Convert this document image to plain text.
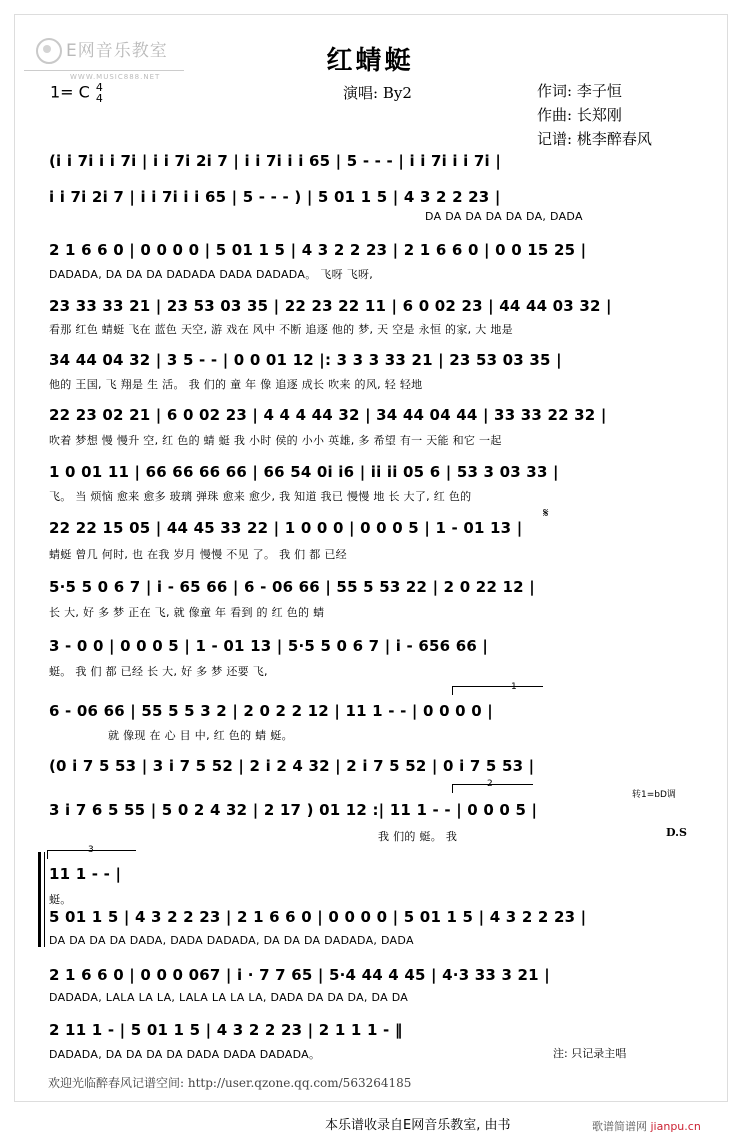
E网音乐教室
WWW.MUSIC888.NET
红蜻蜓
1= C 4
4	演唱: By2	作词: 李子恒
作曲: 长郑刚
记谱: 桃李醉春风
(i i 7i i i 7i | i i 7i 2i 7 | i i 7i i i 65 | 5 - - - | i i 7i i i 7i |
i i 7i 2i 7 | i i 7i i i 65 | 5 - - - ) | 5 01 1 5 | 4 3 2 2 23 |
DA DA DA DA DA DA, DADA
2 1 6 6 0 | 0 0 0 0 | 5 01 1 5 | 4 3 2 2 23 | 2 1 6 6 0 | 0 0 15 25 |
DADADA, DA DA DA DADADA DADA DADADA。 飞呀 飞呀,
23 33 33 21 | 23 53 03 35 | 22 23 22 11 | 6 0 02 23 | 44 44 03 32 |
看那 红色 蜻蜓 飞在 蓝色 天空, 游 戏在 风中 不断 追逐 他的 梦, 天 空是 永恒 的家, 大 地是
34 44 04 32 | 3 5 - - | 0 0 01 12 |: 3 3 3 33 21 | 23 53 03 35 |
他的 王国, 飞 翔是 生 活。 我 们的 童 年 像 追逐 成长 吹来 的风, 轻 轻地
22 23 02 21 | 6 0 02 23 | 4 4 4 44 32 | 34 44 04 44 | 33 33 22 32 |
吹着 梦想 慢 慢升 空, 红 色的 蜻 蜓 我 小时 侯的 小小 英雄, 多 希望 有一 天能 和它 一起
1 0 01 11 | 66 66 66 66 | 66 54 0i i6 | ii ii 05 6 | 53 3 03 33 |
飞。 当 烦恼 愈来 愈多 玻璃 弹珠 愈来 愈少, 我 知道 我已 慢慢 地 长 大了, 红 色的
𝄋
22 22 15 05 | 44 45 33 22 | 1 0 0 0 | 0 0 0 5 | 1 - 01 13 |
蜻蜓 曾几 何时, 也 在我 岁月 慢慢 不见 了。 我 们 都 已经
5·5 5 0 6 7 | i - 65 66 | 6 - 06 66 | 55 5 53 22 | 2 0 22 12 |
长 大, 好 多 梦 正在 飞, 就 像童 年 看到 的 红 色的 蜻
3 - 0 0 | 0 0 0 5 | 1 - 01 13 | 5·5 5 0 6 7 | i - 656 66 |
蜓。 我 们 都 已经 长 大, 好 多 梦 还要 飞,
1
6 - 06 66 | 55 5 5 3 2 | 2 0 2 2 12 | 11 1 - - | 0 0 0 0 |
就 像现 在 心 目 中, 红 色的 蜻 蜓。
(0 i 7 5 53 | 3 i 7 5 52 | 2 i 2 4 32 | 2 i 7 5 52 | 0 i 7 5 53 |
2
转1=bD调
3 i 7 6 5 55 | 5 0 2 4 32 | 2 17 ) 01 12 :| 11 1 - - | 0 0 0 5 |
我 们的 蜓。 我	D.S
3
11 1 - - |
蜓。
5 01 1 5 | 4 3 2 2 23 | 2 1 6 6 0 | 0 0 0 0 | 5 01 1 5 | 4 3 2 2 23 |
DA DA DA DA DADA, DADA DADADA, DA DA DA DADADA, DADA
2 1 6 6 0 | 0 0 0 067 | i · 7 7 65 | 5·4 44 4 45 | 4·3 33 3 21 |
DADADA, LALA LA LA, LALA LA LA LA, DADA DA DA DA, DA DA
2 11 1 - | 5 01 1 5 | 4 3 2 2 23 | 2 1 1 1 - ‖
DADADA, DA DA DA DA DADA DADA DADADA。	注: 只记录主唱
欢迎光临醉春风记谱空间: http://user.qzone.qq.com/563264185
本乐谱收录自E网音乐教室, 由书	歌谱简谱网 jianpu.cn
